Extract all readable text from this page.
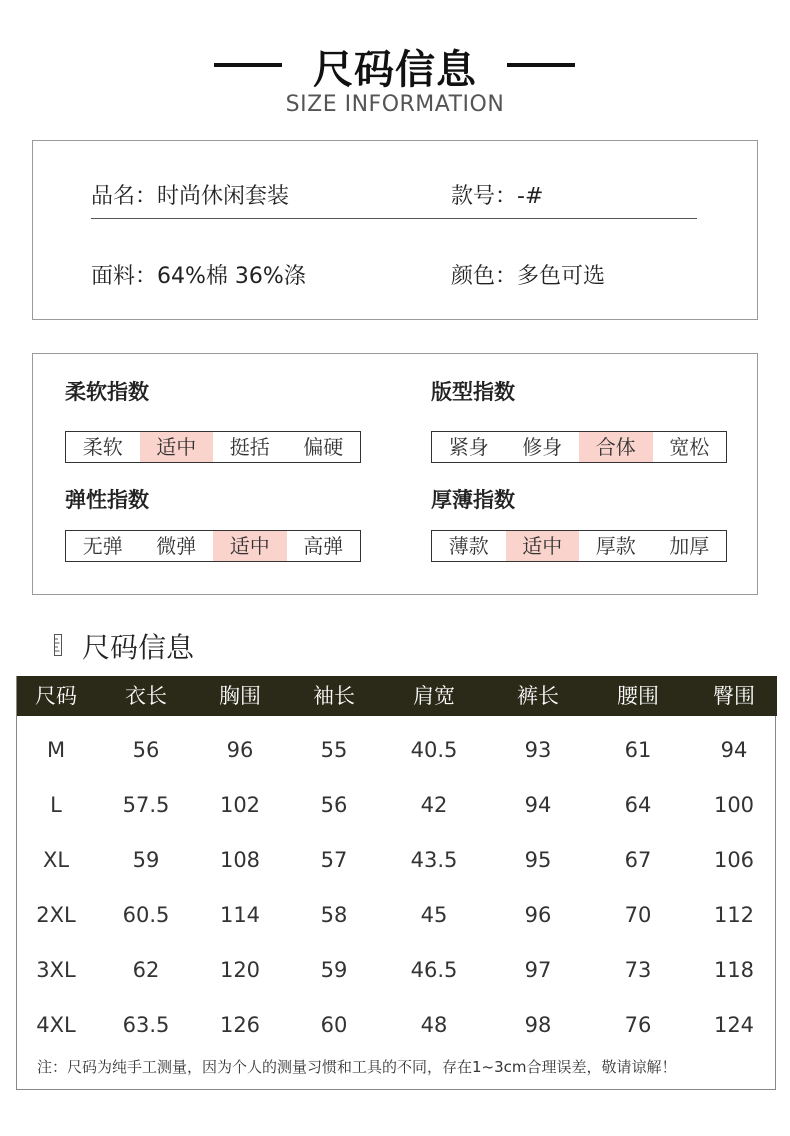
尺码信息
SIZE INFORMATION
品名：时尚休闲套装	款号：-#
面料：64%棉 36%涤	颜色：多色可选
柔软指数
柔软	适中	挺括	偏硬
版型指数
紧身	修身	合体	宽松
弹性指数
无弹	微弹	适中	高弹
厚薄指数
薄款	适中	厚款	加厚
尺码信息
尺码 衣长 胸围 袖长	肩宽	裤长	腰围	臀围
M	56	96	55	40.5	93	61	94
L	57.5 102	56	42	94	64	100
XL	59	108	57	43.5	95	67	106
2XL 60.5 114	58	45	96	70	112
3XL	62	120	59	46.5	97	73	118
4XL 63.5 126	60	48	98	76	124
注：尺码为纯手工测量，因为个人的测量习惯和工具的不同，存在1~3cm合理误差，敬请谅解！
